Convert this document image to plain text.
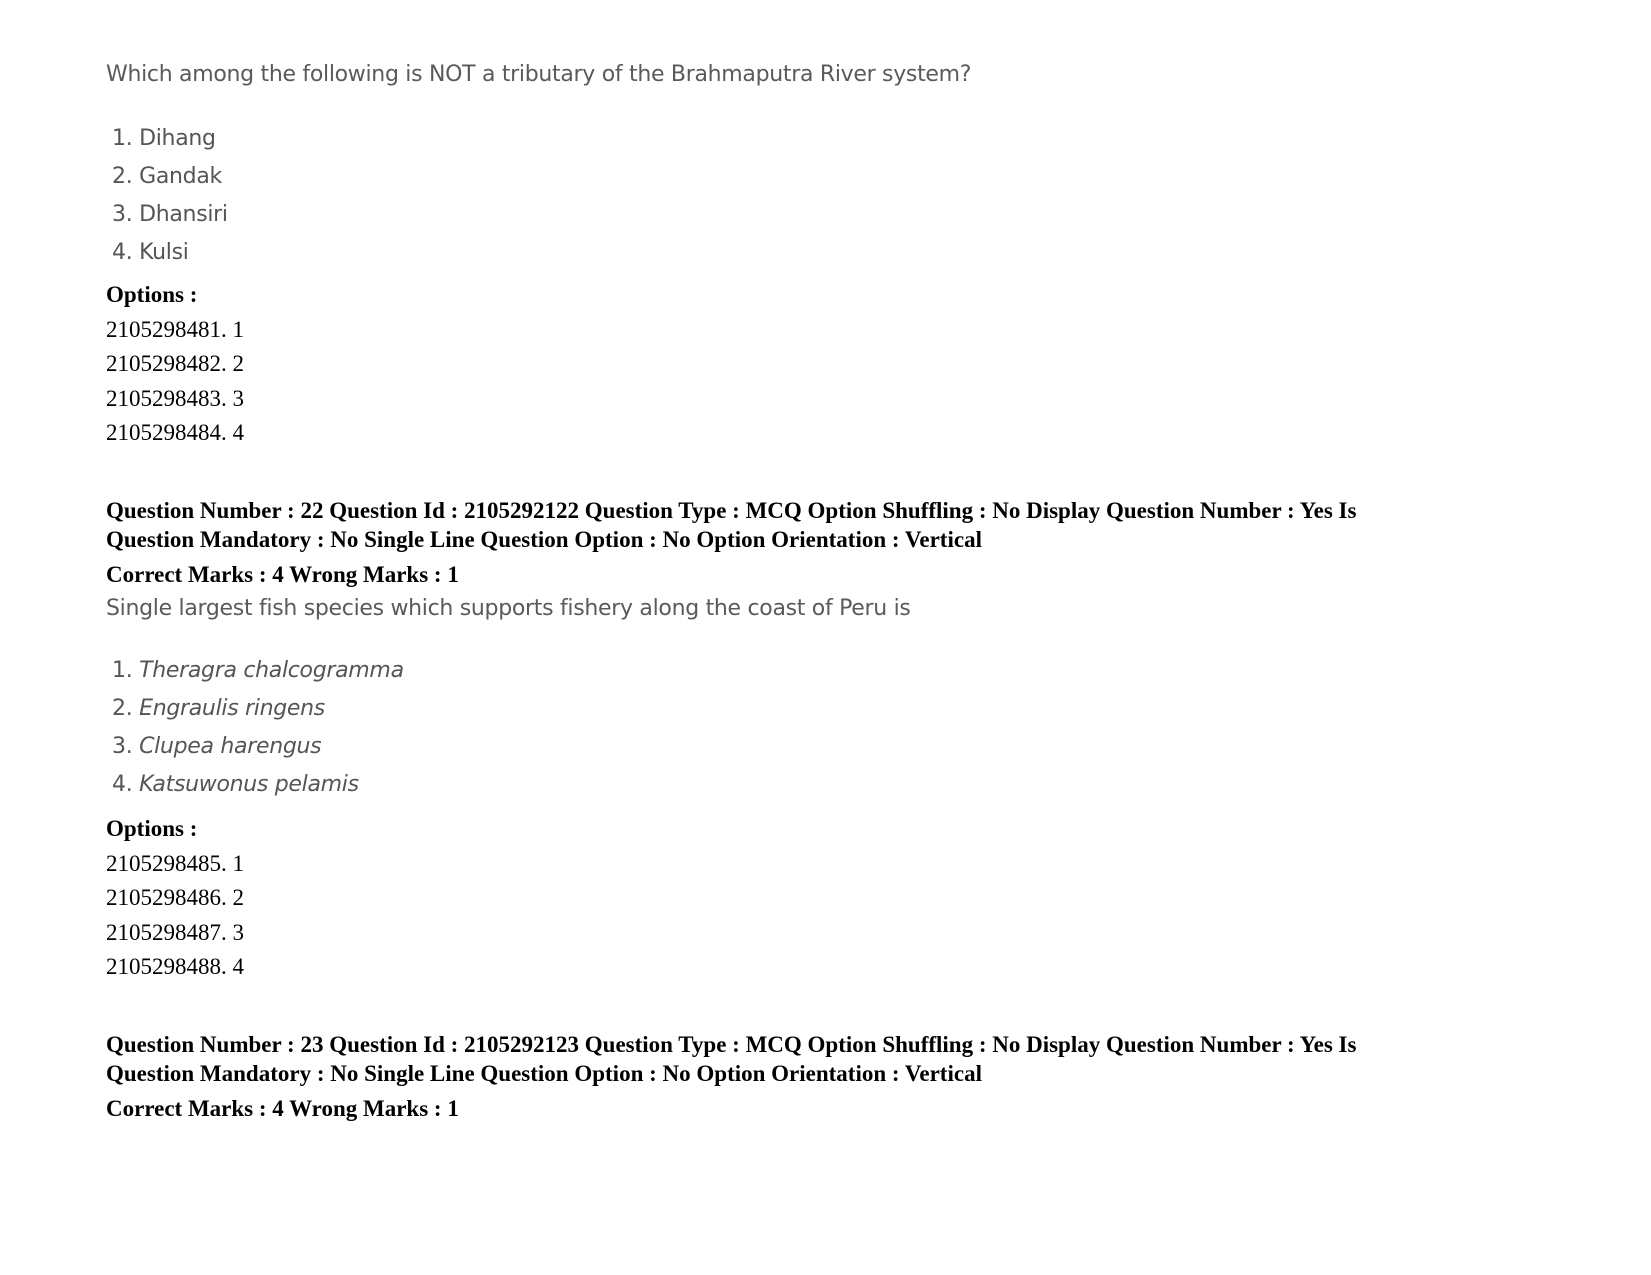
Which among the following is NOT a tributary of the Brahmaputra River system?
1. Dihang
2. Gandak
3. Dhansiri
4. Kulsi
Options :
2105298481. 1
2105298482. 2
2105298483. 3
2105298484. 4
Question Number : 22 Question Id : 2105292122 Question Type : MCQ Option Shuffling : No Display Question Number : Yes Is
Question Mandatory : No Single Line Question Option : No Option Orientation : Vertical
Correct Marks : 4 Wrong Marks : 1
Single largest fish species which supports fishery along the coast of Peru is
1. Theragra chalcogramma
2. Engraulis ringens
3. Clupea harengus
4. Katsuwonus pelamis
Options :
2105298485. 1
2105298486. 2
2105298487. 3
2105298488. 4
Question Number : 23 Question Id : 2105292123 Question Type : MCQ Option Shuffling : No Display Question Number : Yes Is
Question Mandatory : No Single Line Question Option : No Option Orientation : Vertical
Correct Marks : 4 Wrong Marks : 1
